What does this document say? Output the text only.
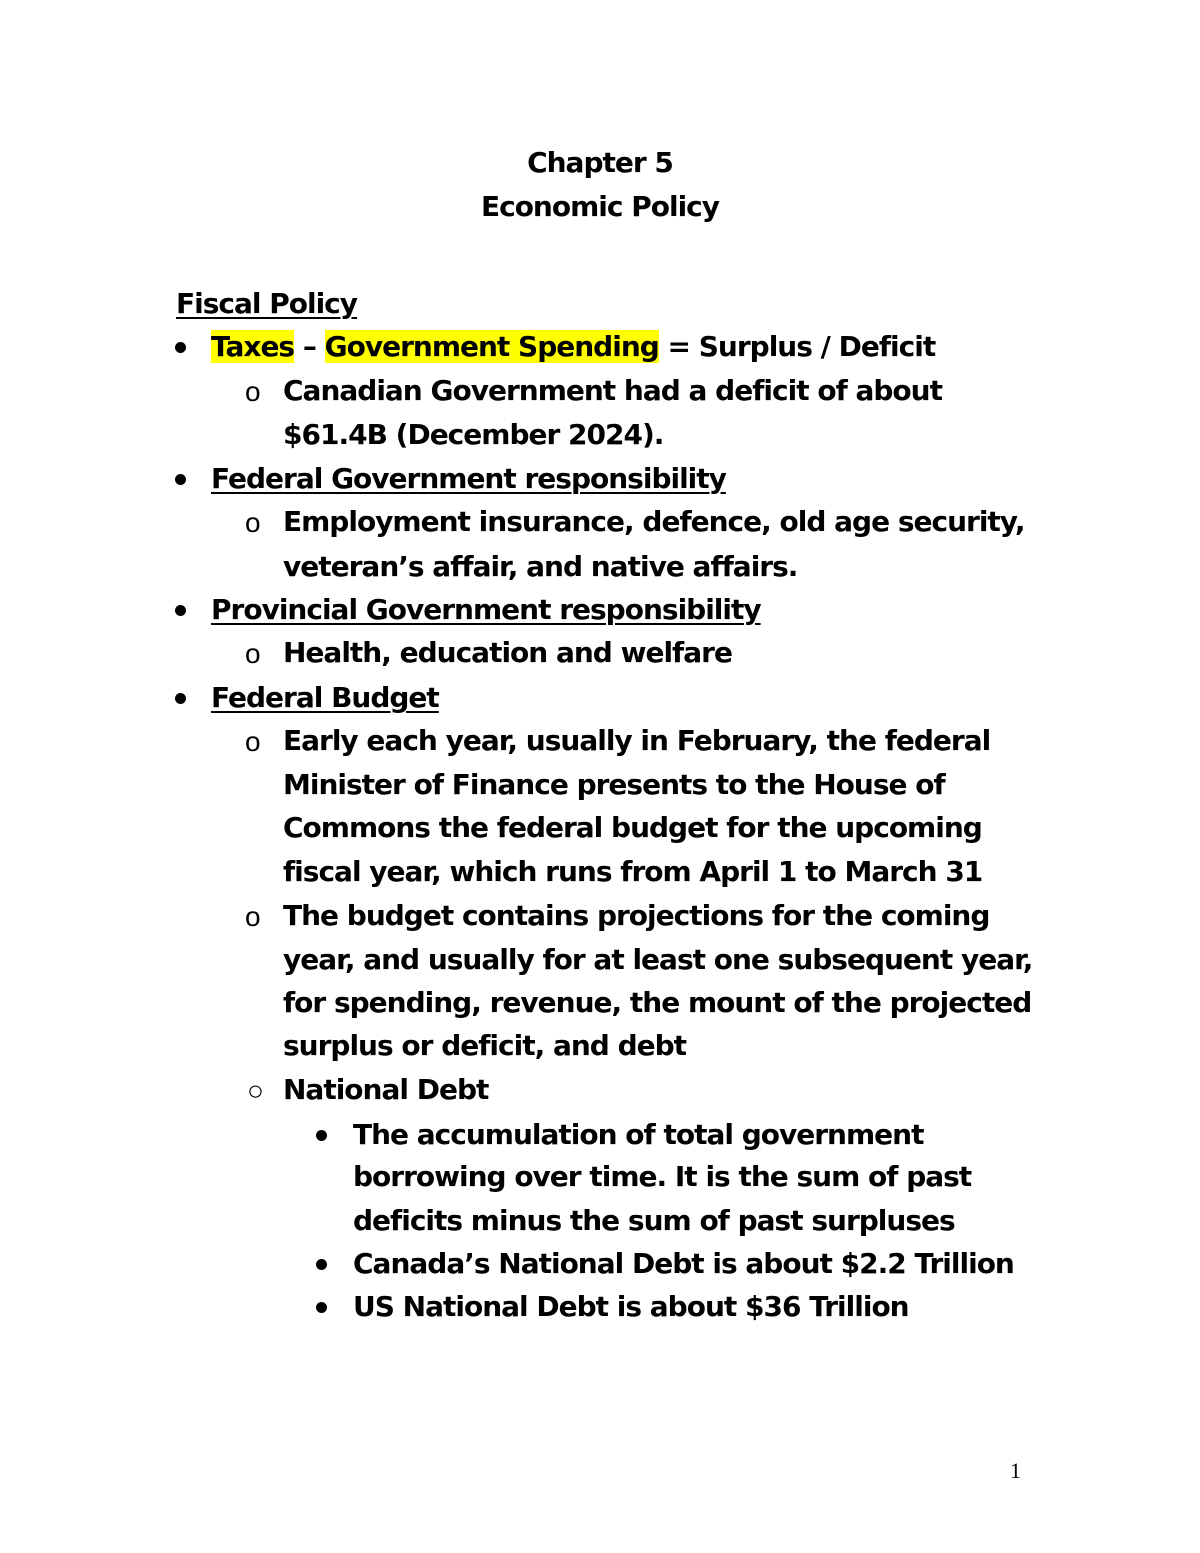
Chapter 5
Economic Policy
Fiscal Policy
Taxes – Government Spending = Surplus / Deficit
o Canadian Government had a deficit of about
$61.4B (December 2024).
Federal Government responsibility
o Employment insurance, defence, old age security,
veteran’s affair, and native affairs.
Provincial Government responsibility
o Health, education and welfare
Federal Budget
o Early each year, usually in February, the federal
Minister of Finance presents to the House of
Commons the federal budget for the upcoming
fiscal year, which runs from April 1 to March 31
o The budget contains projections for the coming
year, and usually for at least one subsequent year,
for spending, revenue, the mount of the projected
surplus or deficit, and debt
○ National Debt
The accumulation of total government
borrowing over time. It is the sum of past
deficits minus the sum of past surpluses
Canada’s National Debt is about $2.2 Trillion
US National Debt is about $36 Trillion
1
